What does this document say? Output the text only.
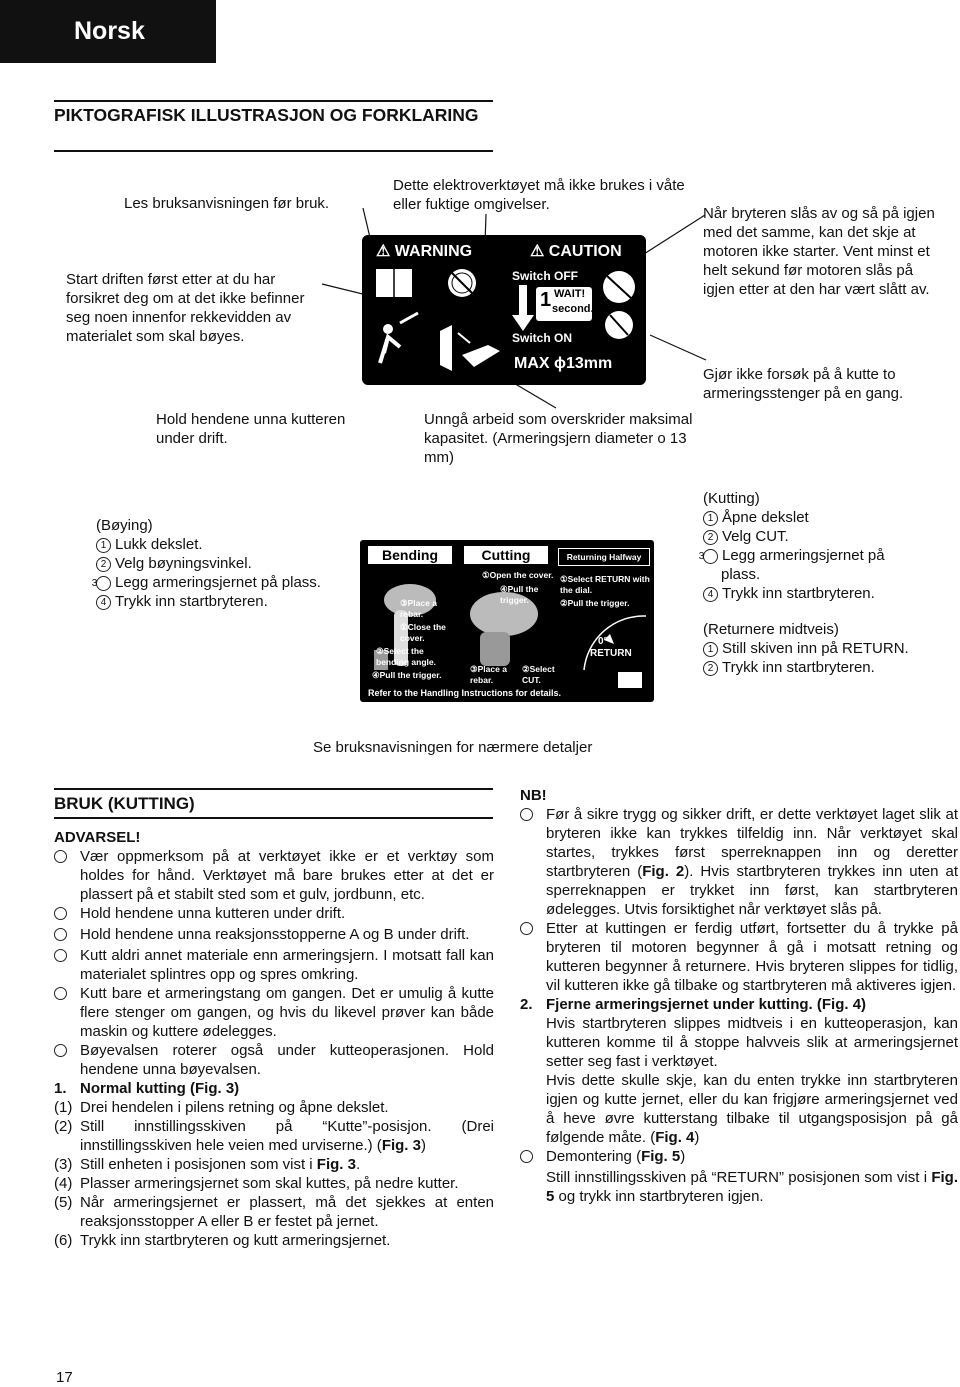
Norsk
PIKTOGRAFISK ILLUSTRASJON OG FORKLARING
Les bruksanvisningen før bruk.
Start driften først etter at du har forsikret deg om at det ikke befinner seg noen innenfor rekkevidden av materialet som skal bøyes.
Hold hendene unna kutteren under drift.
Dette elektroverktøyet må ikke brukes i våte eller fuktige omgivelser.
Unngå arbeid som overskrider maksimal kapasitet. (Armeringsjern diameter o 13 mm)
Når bryteren slås av og så på igjen med det samme, kan det skje at motoren ikke starter. Vent minst et helt sekund før motoren slås på igjen etter at den har vært slått av.
Gjør ikke forsøk på å kutte to armeringsstenger på en gang.
⚠ WARNING	⚠ CAUTION
Switch OFF
1 WAIT!
second.
Switch ON
MAX ϕ13mm
(Bøying)
1 Lukk dekslet.
2 Velg bøyningsvinkel.
3 Legg armeringsjernet på plass.
4 Trykk inn startbryteren.
Bending	Cutting	Returning Halfway
③Place a rebar.
①Close the cover.
②Select the bending angle.
④Pull the trigger.
①Open the cover.
④Pull the trigger.
③Place a rebar.
②Select CUT.
①Select RETURN with the dial.
②Pull the trigger.
0°
RETURN
Refer to the Handling Instructions for details.
(Kutting)
1 Åpne dekslet
2 Velg CUT.
3 Legg armeringsjernet på plass.
4 Trykk inn startbryteren.
(Returnere midtveis)
1 Still skiven inn på RETURN.
2 Trykk inn startbryteren.
Se bruksnavisningen for nærmere detaljer
BRUK (KUTTING)
ADVARSEL!
Vær oppmerksom på at verktøyet ikke er et verktøy som holdes for hånd. Verktøyet må bare brukes etter at det er plassert på et stabilt sted som et gulv, jordbunn, etc.
Hold hendene unna kutteren under drift.
Hold hendene unna reaksjonsstopperne A og B under drift.
Kutt aldri annet materiale enn armeringsjern. I motsatt fall kan materialet splintres opp og spres omkring.
Kutt bare et armeringstang om gangen. Det er umulig å kutte flere stenger om gangen, og hvis du likevel prøver kan både maskin og kuttere ødelegges.
Bøyevalsen roterer også under kutteoperasjonen. Hold hendene unna bøyevalsen.
1. Normal kutting (Fig. 3)
(1) Drei hendelen i pilens retning og åpne dekslet.
(2) Still innstillingsskiven på “Kutte”-posisjon. (Drei innstillingsskiven hele veien med urviserne.) (Fig. 3)
(3) Still enheten i posisjonen som vist i Fig. 3.
(4) Plasser armeringsjernet som skal kuttes, på nedre kutter.
(5) Når armeringsjernet er plassert, må det sjekkes at enten reaksjonsstopper A eller B er festet på jernet.
(6) Trykk inn startbryteren og kutt armeringsjernet.
NB!
Før å sikre trygg og sikker drift, er dette verktøyet laget slik at bryteren ikke kan trykkes tilfeldig inn. Når verktøyet skal startes, trykkes først sperreknappen inn og deretter startbryteren (Fig. 2). Hvis startbryteren trykkes inn uten at sperreknappen er trykket inn først, kan startbryteren ødelegges. Utvis forsiktighet når verktøyet slås på.
Etter at kuttingen er ferdig utført, fortsetter du å trykke på bryteren til motoren begynner å gå i motsatt retning og kutteren begynner å returnere. Hvis bryteren slippes for tidlig, vil kutteren ikke gå tilbake og startbryteren må aktiveres igjen.
2. Fjerne armeringsjernet under kutting. (Fig. 4)
Hvis startbryteren slippes midtveis i en kutteoperasjon, kan kutteren komme til å stoppe halvveis slik at armeringsjernet setter seg fast i verktøyet.
Hvis dette skulle skje, kan du enten trykke inn startbryteren igjen og kutte jernet, eller du kan frigjøre armeringsjernet ved å heve øvre kutterstang tilbake til utgangsposisjon på gå følgende måte. (Fig. 4)
Demontering (Fig. 5)
Still innstillingsskiven på “RETURN” posisjonen som vist i Fig. 5 og trykk inn startbryteren igjen.
17
